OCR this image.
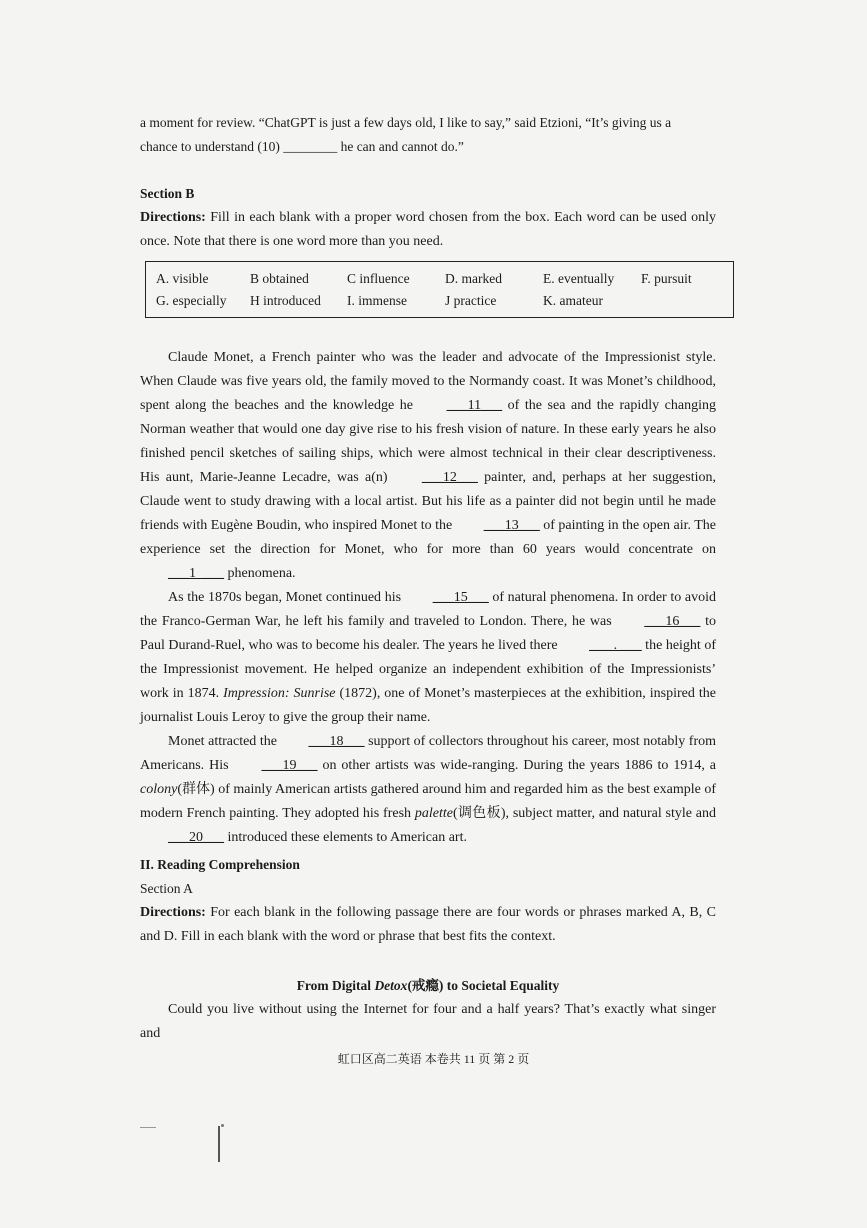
a moment for review. “ChatGPT is just a few days old, I like to say,” said Etzioni, “It’s giving us a

chance to understand (10) ________ he can and cannot do.”

Section B

Directions: Fill in each blank with a proper word chosen from the box. Each word can be used only once. Note that there is one word more than you need.

A. visible	B obtained	C influence	D. marked	E. eventually F. pursuit
G. especially H introduced I. immense	J practice	K. amateur

Claude Monet, a French painter who was the leader and advocate of the Impressionist style. When Claude was five years old, the family moved to the Normandy coast. It was Monet’s childhood, spent along the beaches and the knowledge he ___11___ of the sea and the rapidly changing Norman weather that would one day give rise to his fresh vision of nature. In these early years he also finished pencil sketches of sailing ships, which were almost technical in their clear descriptiveness. His aunt, Marie-Jeanne Lecadre, was a(n) ___12___ painter, and, perhaps at her suggestion, Claude went to study drawing with a local artist. But his life as a painter did not begin until he made friends with Eugène Boudin, who inspired Monet to the ___13___ of painting in the open air. The experience set the direction for Monet, who for more than 60 years would concentrate on ___1  ___ phenomena.

As the 1870s began, Monet continued his ___15___ of natural phenomena. In order to avoid the Franco-German War, he left his family and traveled to London. There, he was ___16___ to Paul Durand-Ruel, who was to become his dealer. The years he lived there ___ . ___ the height of the Impressionist movement. He helped organize an independent exhibition of the Impressionists’ work in 1874. Impression: Sunrise (1872), one of Monet’s masterpieces at the exhibition, inspired the journalist Louis Leroy to give the group their name.

Monet attracted the ___18___ support of collectors throughout his career, most notably from Americans. His ___19___ on other artists was wide-ranging. During the years 1886 to 1914, a colony(群体) of mainly American artists gathered around him and regarded him as the best example of modern French painting. They adopted his fresh palette(调色板), subject matter, and natural style and ___20___ introduced these elements to American art.

II. Reading Comprehension

Section A

Directions: For each blank in the following passage there are four words or phrases marked A, B, C and D. Fill in each blank with the word or phrase that best fits the context.

From Digital Detox(戒瘾) to Societal Equality

Could you live without using the Internet for four and a half years? That’s exactly what singer and

虹口区高二英语 本卷共 11 页 第 2 页
